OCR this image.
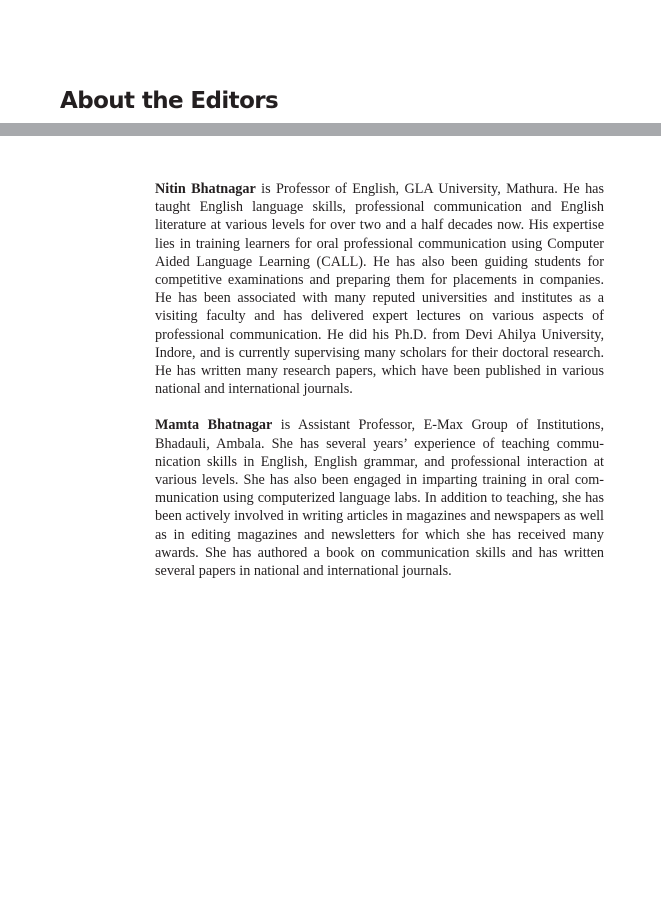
About the Editors

Nitin Bhatnagar is Professor of English, GLA University, Mathura. He has taught English language skills, professional communication and English literature at various levels for over two and a half decades now. His expertise lies in training learners for oral professional communication using Computer Aided Language Learning (CALL). He has also been guiding students for competitive examinations and preparing them for placements in companies. He has been associated with many reputed universities and institutes as a visiting faculty and has delivered expert lectures on various aspects of professional communication. He did his Ph.D. from Devi Ahilya University, Indore, and is currently supervising many scholars for their doctoral research. He has written many research papers, which have been published in various national and international journals.

Mamta Bhatnagar is Assistant Professor, E-Max Group of Institutions, Bhadauli, Ambala. She has several years’ experience of teaching communication skills in English, English grammar, and professional interaction at various levels. She has also been engaged in imparting training in oral communication using computerized language labs. In addition to teaching, she has been actively involved in writing articles in magazines and newspapers as well as in editing magazines and newsletters for which she has received many awards. She has authored a book on communication skills and has written several papers in national and international journals.
